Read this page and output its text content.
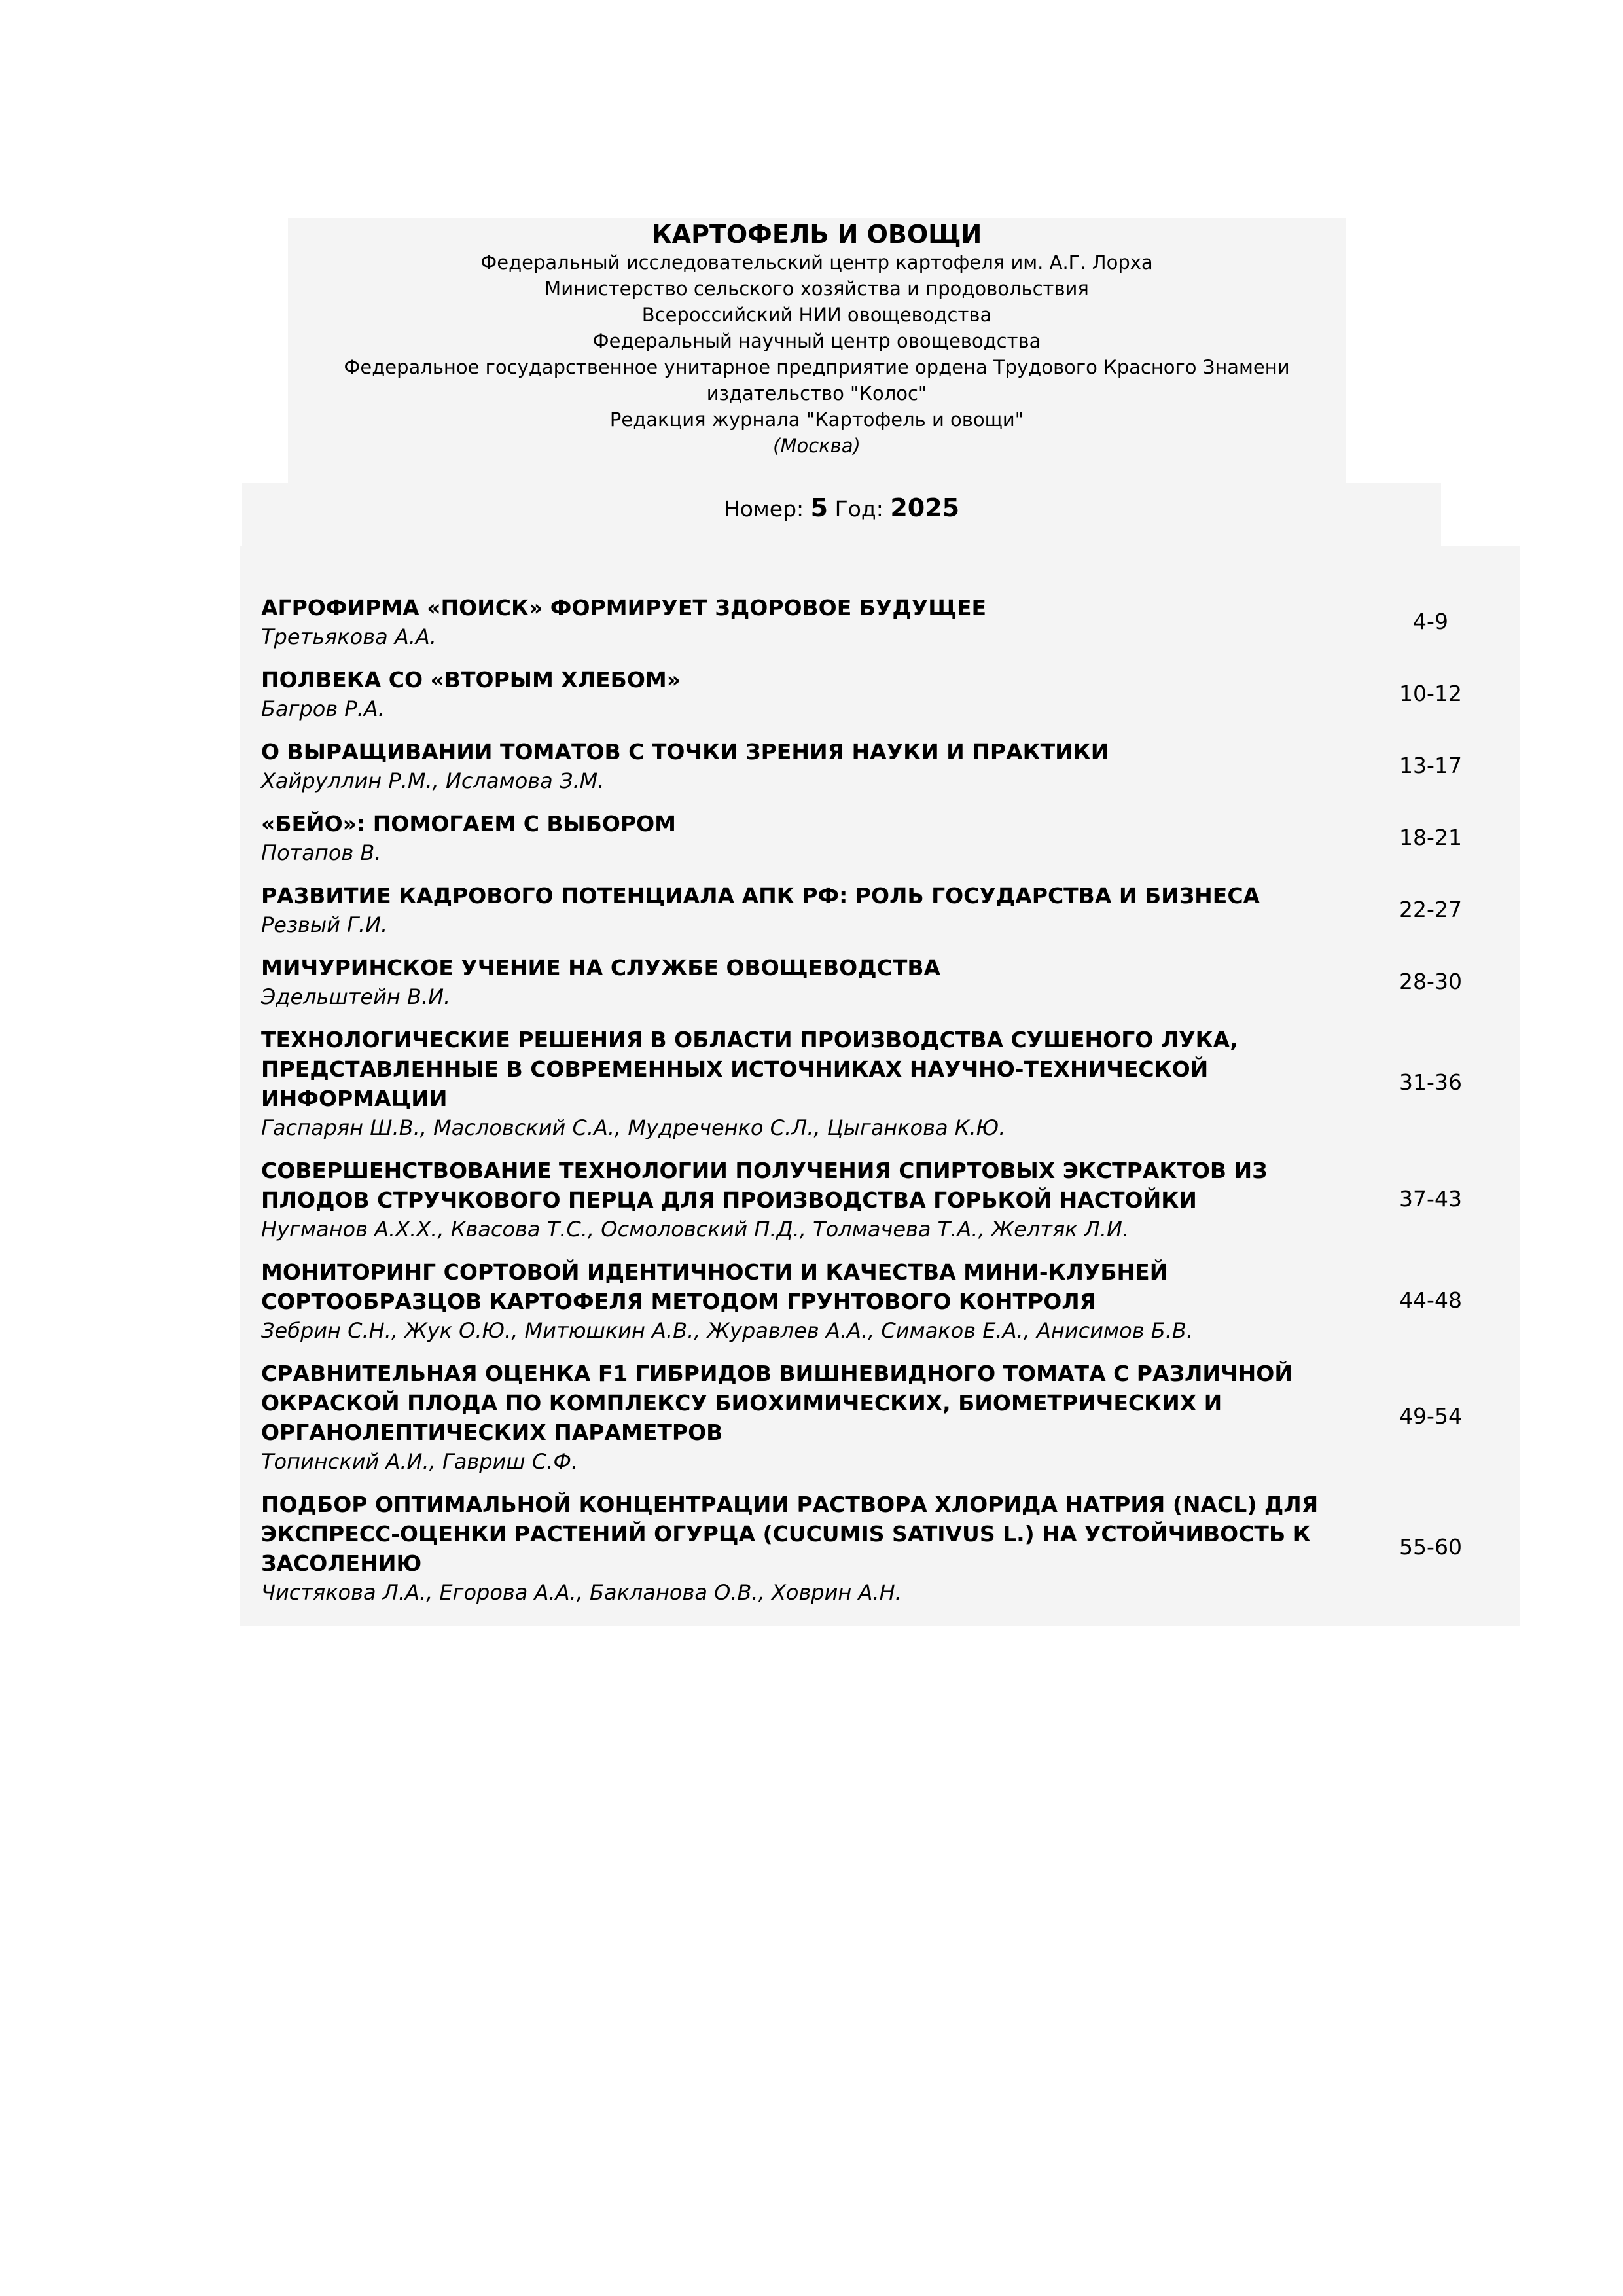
КАРТОФЕЛЬ И ОВОЩИ
Федеральный исследовательский центр картофеля им. А.Г. Лорха
Министерство сельского хозяйства и продовольствия
Всероссийский НИИ овощеводства
Федеральный научный центр овощеводства
Федеральное государственное унитарное предприятие ордена Трудового Красного Знамени
издательство "Колос"
Редакция журнала "Картофель и овощи"
(Москва)
Номер: 5 Год: 2025
АГРОФИРМА «ПОИСК» ФОРМИРУЕТ ЗДОРОВОЕ БУДУЩЕЕ
Третьякова А.А.
4-9
ПОЛВЕКА СО «ВТОРЫМ ХЛЕБОМ»
Багров Р.А.
10-12
О ВЫРАЩИВАНИИ ТОМАТОВ С ТОЧКИ ЗРЕНИЯ НАУКИ И ПРАКТИКИ
Хайруллин Р.М., Исламова З.М.
13-17
«БЕЙО»: ПОМОГАЕМ С ВЫБОРОМ
Потапов В.
18-21
РАЗВИТИЕ КАДРОВОГО ПОТЕНЦИАЛА АПК РФ: РОЛЬ ГОСУДАРСТВА И БИЗНЕСА
Резвый Г.И.
22-27
МИЧУРИНСКОЕ УЧЕНИЕ НА СЛУЖБЕ ОВОЩЕВОДСТВА
Эдельштейн В.И.
28-30
ТЕХНОЛОГИЧЕСКИЕ РЕШЕНИЯ В ОБЛАСТИ ПРОИЗВОДСТВА СУШЕНОГО ЛУКА,
ПРЕДСТАВЛЕННЫЕ В СОВРЕМЕННЫХ ИСТОЧНИКАХ НАУЧНО-ТЕХНИЧЕСКОЙ
ИНФОРМАЦИИ
Гаспарян Ш.В., Масловский С.А., Мудреченко С.Л., Цыганкова К.Ю.
31-36
СОВЕРШЕНСТВОВАНИЕ ТЕХНОЛОГИИ ПОЛУЧЕНИЯ СПИРТОВЫХ ЭКСТРАКТОВ ИЗ
ПЛОДОВ СТРУЧКОВОГО ПЕРЦА ДЛЯ ПРОИЗВОДСТВА ГОРЬКОЙ НАСТОЙКИ
Нугманов А.Х.Х., Квасова Т.С., Осмоловский П.Д., Толмачева Т.А., Желтяк Л.И.
37-43
МОНИТОРИНГ СОРТОВОЙ ИДЕНТИЧНОСТИ И КАЧЕСТВА МИНИ-КЛУБНЕЙ
СОРТООБРАЗЦОВ КАРТОФЕЛЯ МЕТОДОМ ГРУНТОВОГО КОНТРОЛЯ
Зебрин С.Н., Жук О.Ю., Митюшкин А.В., Журавлев А.А., Симаков Е.А., Анисимов Б.В.
44-48
СРАВНИТЕЛЬНАЯ ОЦЕНКА F1 ГИБРИДОВ ВИШНЕВИДНОГО ТОМАТА С РАЗЛИЧНОЙ
ОКРАСКОЙ ПЛОДА ПО КОМПЛЕКСУ БИОХИМИЧЕСКИХ, БИОМЕТРИЧЕСКИХ И
ОРГАНОЛЕПТИЧЕСКИХ ПАРАМЕТРОВ
Топинский А.И., Гавриш С.Ф.
49-54
ПОДБОР ОПТИМАЛЬНОЙ КОНЦЕНТРАЦИИ РАСТВОРА ХЛОРИДА НАТРИЯ (NACL) ДЛЯ
ЭКСПРЕСС-ОЦЕНКИ РАСТЕНИЙ ОГУРЦА (CUCUMIS SATIVUS L.) НА УСТОЙЧИВОСТЬ К
ЗАСОЛЕНИЮ
Чистякова Л.А., Егорова А.А., Бакланова О.В., Ховрин А.Н.
55-60
